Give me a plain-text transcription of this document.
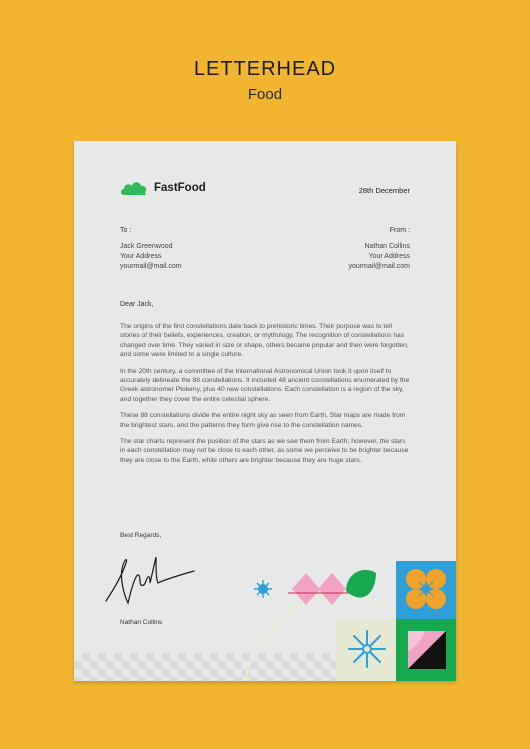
LETTERHEAD
Food
FastFood	28th December
To :	From :
Jack Greenwood
Your Address
yourmail@mail.com
Nathan Collins
Your Address
yourmail@mail.com
Dear Jack,

The origins of the first constellations date back to prehistoric times. Their purpose was to tell stories of their beliefs, experiences, creation, or mythology. The recognition of constellations has changed over time. They varied in size or shape, others became popular and then were forgotten, and some were limited to a single culture.

In the 20th century, a committee of the International Astronomical Union took it upon itself to accurately delineate the 88 constellations. It included 48 ancient constellations enumerated by the Greek astronomer Ptolemy, plus 40 new constellations. Each constellation is a region of the sky, and together they cover the entire celestial sphere.

These 88 constellations divide the entire night sky as seen from Earth. Star maps are made from the brightest stars, and the patterns they form give rise to the constellation names.

The star charts represent the position of the stars as we see them from Earth; however, the stars in each constellation may not be close to each other, as some we perceive to be brighter because they are close to the Earth, while others are brighter because they are huge stars.

Best Regards,
Nathan Collins
